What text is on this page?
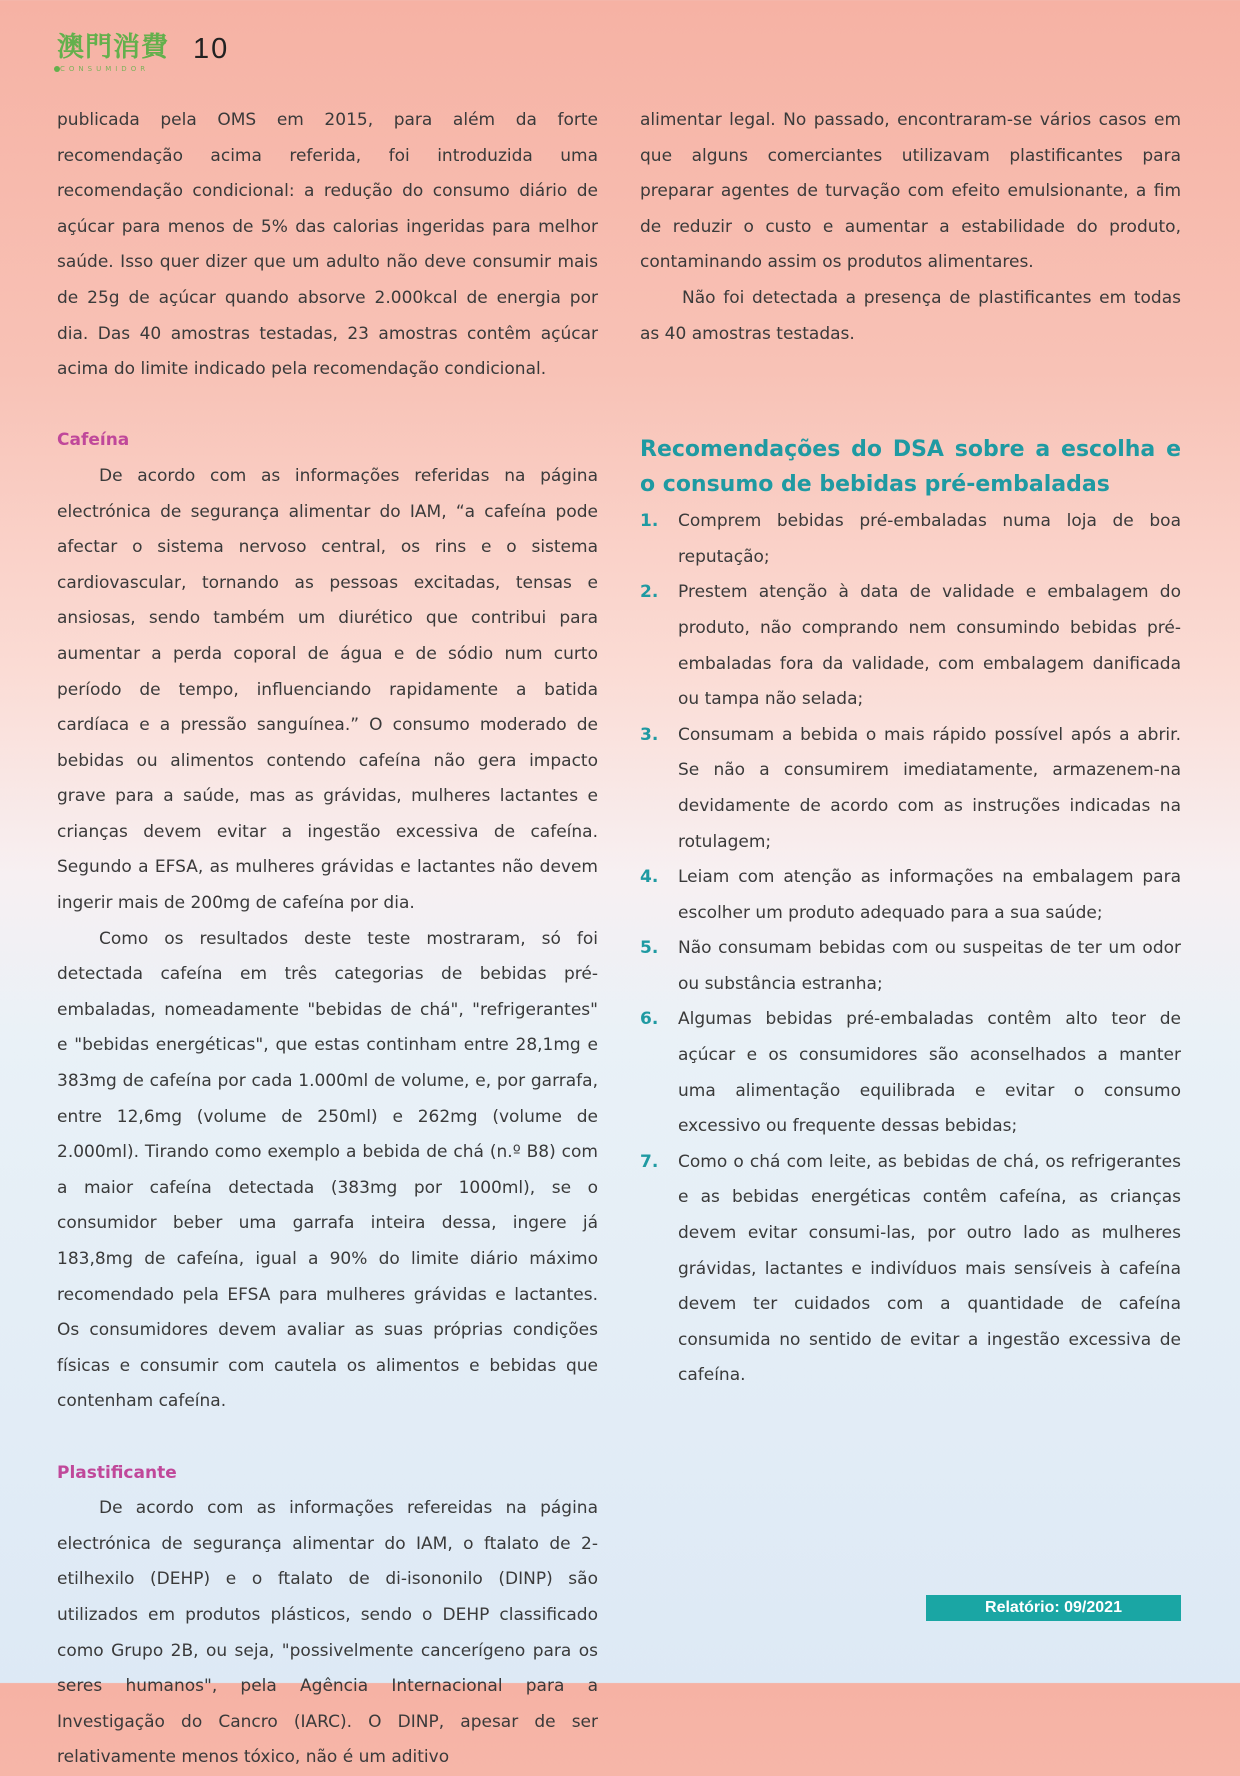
澳門消費
CONSUMIDOR
10

publicada pela OMS em 2015, para além da forte recomendação acima referida, foi introduzida uma recomendação condicional: a redução do consumo diário de açúcar para menos de 5% das calorias ingeridas para melhor saúde. Isso quer dizer que um adulto não deve consumir mais de 25g de açúcar quando absorve 2.000kcal de energia por dia. Das 40 amostras testadas, 23 amostras contêm açúcar acima do limite indicado pela recomendação condicional.

Cafeína

De acordo com as informações referidas na página electrónica de segurança alimentar do IAM, “a cafeína pode afectar o sistema nervoso central, os rins e o sistema cardiovascular, tornando as pessoas excitadas, tensas e ansiosas, sendo também um diurético que contribui para aumentar a perda coporal de água e de sódio num curto período de tempo, influenciando rapidamente a batida cardíaca e a pressão sanguínea.” O consumo moderado de bebidas ou alimentos contendo cafeína não gera impacto grave para a saúde, mas as grávidas, mulheres lactantes e crianças devem evitar a ingestão excessiva de cafeína. Segundo a EFSA, as mulheres grávidas e lactantes não devem ingerir mais de 200mg de cafeína por dia.

Como os resultados deste teste mostraram, só foi detectada cafeína em três categorias de bebidas pré-embaladas, nomeadamente "bebidas de chá", "refrigerantes" e "bebidas energéticas", que estas continham entre 28,1mg e 383mg de cafeína por cada 1.000ml de volume, e, por garrafa, entre 12,6mg (volume de 250ml) e 262mg (volume de 2.000ml). Tirando como exemplo a bebida de chá (n.º B8) com a maior cafeína detectada (383mg por 1000ml), se o consumidor beber uma garrafa inteira dessa, ingere já 183,8mg de cafeína, igual a 90% do limite diário máximo recomendado pela EFSA para mulheres grávidas e lactantes. Os consumidores devem avaliar as suas próprias condições físicas e consumir com cautela os alimentos e bebidas que contenham cafeína.

Plastificante

De acordo com as informações refereidas na página electrónica de segurança alimentar do IAM, o ftalato de 2-etilhexilo (DEHP) e o ftalato de di-isononilo (DINP) são utilizados em produtos plásticos, sendo o DEHP classificado como Grupo 2B, ou seja, "possivelmente cancerígeno para os seres humanos", pela Agência Internacional para a Investigação do Cancro (IARC). O DINP, apesar de ser relativamente menos tóxico, não é um aditivo

alimentar legal. No passado, encontraram-se vários casos em que alguns comerciantes utilizavam plastificantes para preparar agentes de turvação com efeito emulsionante, a fim de reduzir o custo e aumentar a estabilidade do produto, contaminando assim os produtos alimentares.

Não foi detectada a presença de plastificantes em todas as 40 amostras testadas.

Recomendações do DSA sobre a escolha e o consumo de bebidas pré-embaladas
1. Comprem bebidas pré-embaladas numa loja de boa reputação;
2. Prestem atenção à data de validade e embalagem do produto, não comprando nem consumindo bebidas pré-embaladas fora da validade, com embalagem danificada ou tampa não selada;
3. Consumam a bebida o mais rápido possível após a abrir. Se não a consumirem imediatamente, armazenem-na devidamente de acordo com as instruções indicadas na rotulagem;
4. Leiam com atenção as informações na embalagem para escolher um produto adequado para a sua saúde;
5. Não consumam bebidas com ou suspeitas de ter um odor ou substância estranha;
6. Algumas bebidas pré-embaladas contêm alto teor de açúcar e os consumidores são aconselhados a manter uma alimentação equilibrada e evitar o consumo excessivo ou frequente dessas bebidas;
7. Como o chá com leite, as bebidas de chá, os refrigerantes e as bebidas energéticas contêm cafeína, as crianças devem evitar consumi-las, por outro lado as mulheres grávidas, lactantes e indivíduos mais sensíveis à cafeína devem ter cuidados com a quantidade de cafeína consumida no sentido de evitar a ingestão excessiva de cafeína.
Relatório: 09/2021
